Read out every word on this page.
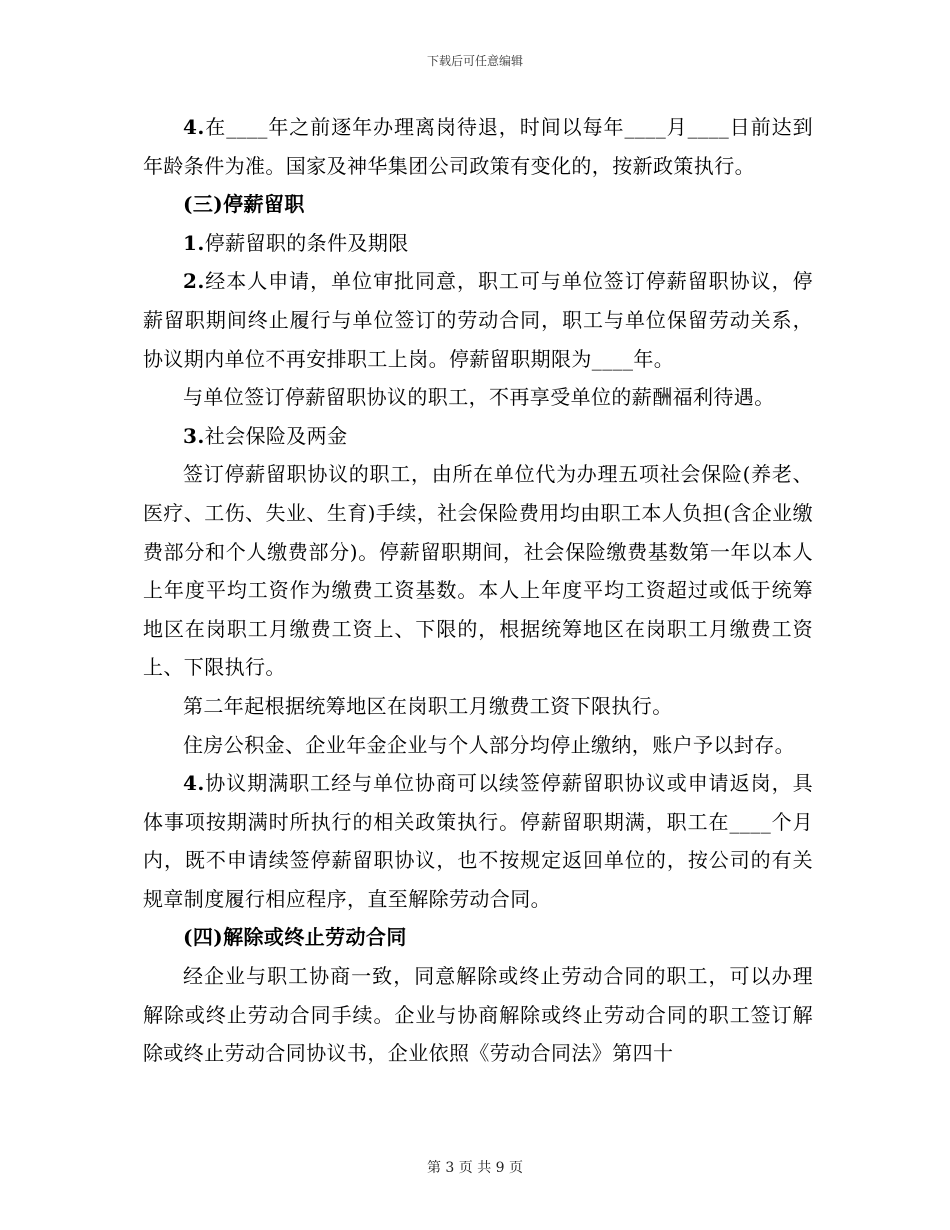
下载后可任意编辑

4.在____年之前逐年办理离岗待退，时间以每年____月____日前达到年龄条件为准。国家及神华集团公司政策有变化的，按新政策执行。

(三)停薪留职

1.停薪留职的条件及期限

2.经本人申请，单位审批同意，职工可与单位签订停薪留职协议，停薪留职期间终止履行与单位签订的劳动合同，职工与单位保留劳动关系，协议期内单位不再安排职工上岗。停薪留职期限为____年。

与单位签订停薪留职协议的职工，不再享受单位的薪酬福利待遇。

3.社会保险及两金

签订停薪留职协议的职工，由所在单位代为办理五项社会保险(养老、医疗、工伤、失业、生育)手续，社会保险费用均由职工本人负担(含企业缴费部分和个人缴费部分)。停薪留职期间，社会保险缴费基数第一年以本人上年度平均工资作为缴费工资基数。本人上年度平均工资超过或低于统筹地区在岗职工月缴费工资上、下限的，根据统筹地区在岗职工月缴费工资上、下限执行。

第二年起根据统筹地区在岗职工月缴费工资下限执行。

住房公积金、企业年金企业与个人部分均停止缴纳，账户予以封存。

4.协议期满职工经与单位协商可以续签停薪留职协议或申请返岗，具体事项按期满时所执行的相关政策执行。停薪留职期满，职工在____个月内，既不申请续签停薪留职协议，也不按规定返回单位的，按公司的有关规章制度履行相应程序，直至解除劳动合同。

(四)解除或终止劳动合同

经企业与职工协商一致，同意解除或终止劳动合同的职工，可以办理解除或终止劳动合同手续。企业与协商解除或终止劳动合同的职工签订解除或终止劳动合同协议书，企业依照《劳动合同法》第四十

第 3 页 共 9 页
